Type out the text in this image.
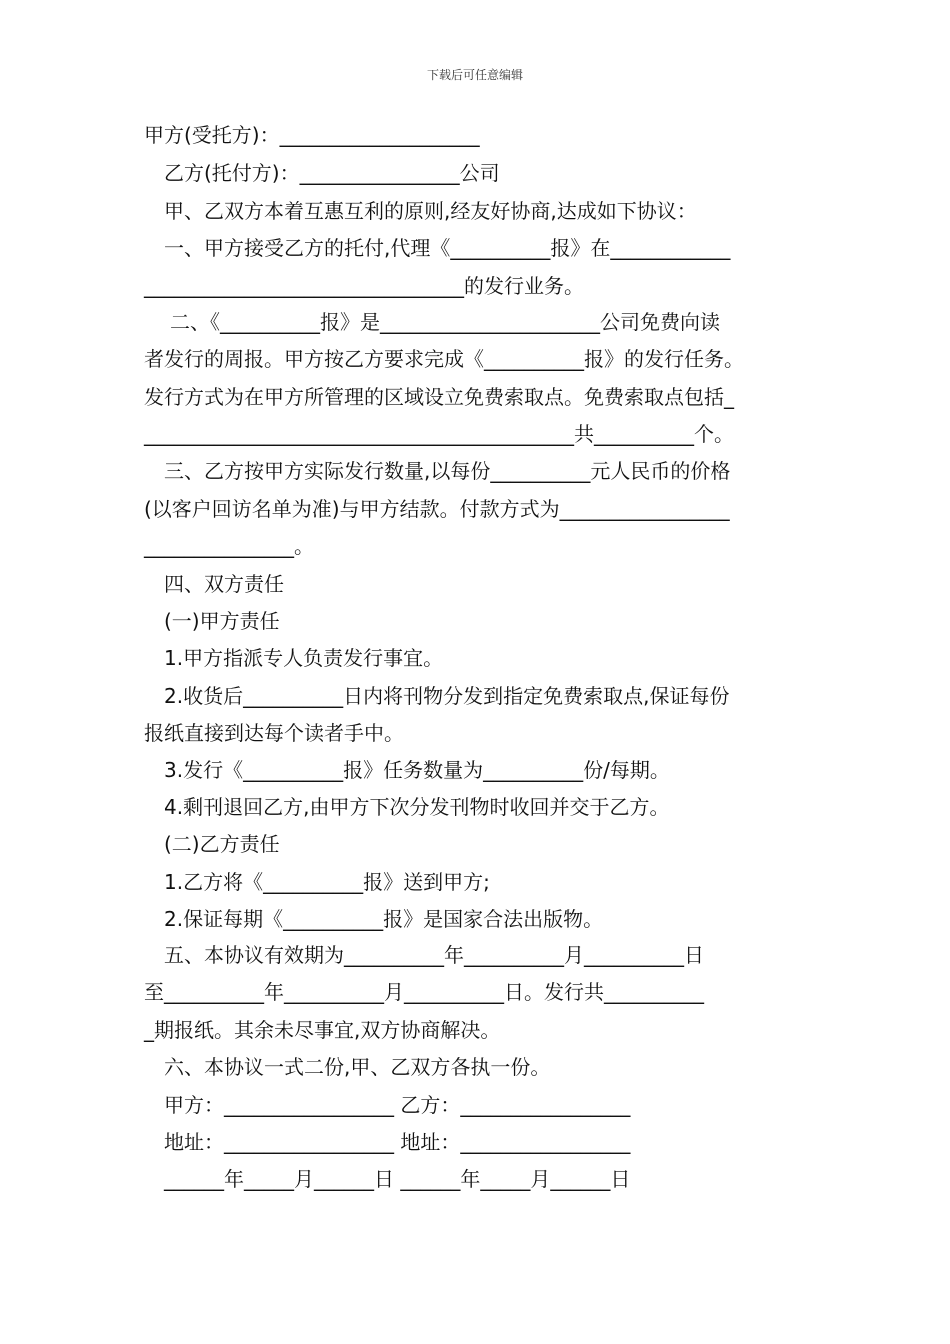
下载后可任意编辑
甲方(受托方)：____________________
乙方(托付方)：________________公司
甲、乙双方本着互惠互利的原则,经友好协商,达成如下协议：
一、甲方接受乙方的托付,代理《__________报》在____________
________________________________的发行业务。
二、《__________报》是______________________公司免费向读
者发行的周报。甲方按乙方要求完成《__________报》的发行任务。
发行方式为在甲方所管理的区域设立免费索取点。免费索取点包括_
___________________________________________共__________个。
三、乙方按甲方实际发行数量,以每份__________元人民币的价格
(以客户回访名单为准)与甲方结款。付款方式为_________________
_______________。
四、双方责任
(一)甲方责任
1.甲方指派专人负责发行事宜。
2.收货后__________日内将刊物分发到指定免费索取点,保证每份
报纸直接到达每个读者手中。
3.发行《__________报》任务数量为__________份/每期。
4.剩刊退回乙方,由甲方下次分发刊物时收回并交于乙方。
(二)乙方责任
1.乙方将《__________报》送到甲方;
2.保证每期《__________报》是国家合法出版物。
五、本协议有效期为__________年__________月__________日
至__________年__________月__________日。发行共__________
_期报纸。其余未尽事宜,双方协商解决。
六、本协议一式二份,甲、乙双方各执一份。
甲方：_________________ 乙方：_________________
地址：_________________ 地址：_________________
______年_____月______日 ______年_____月______日
